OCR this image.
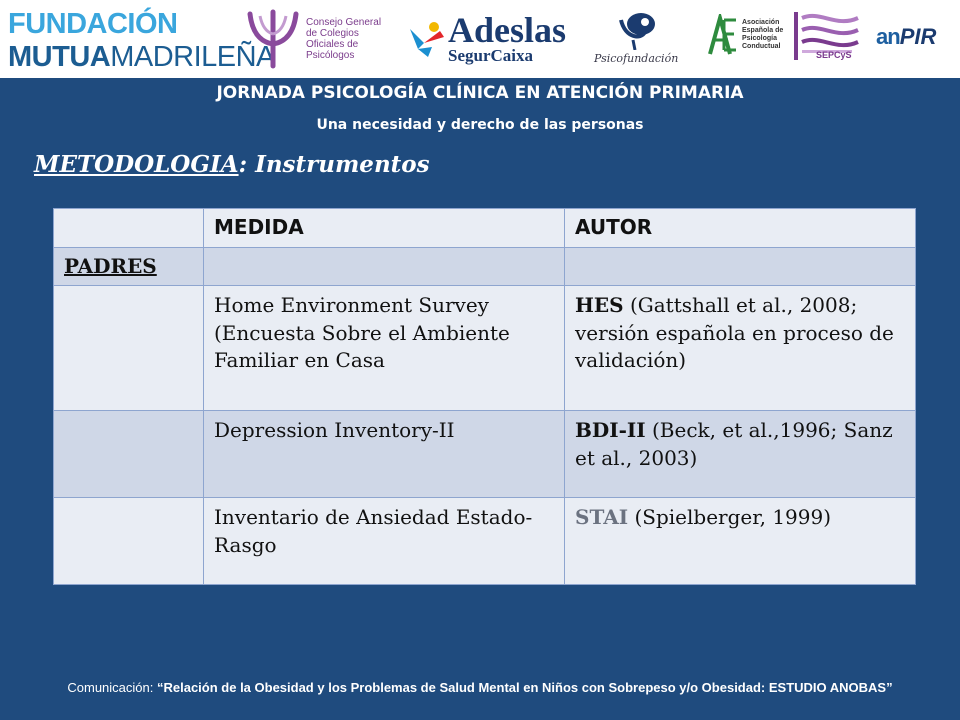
FUNDACIÓN
MUTUAMADRILEÑA
Consejo General de Colegios Oficiales de Psicólogos
Adeslas
SegurCaixa	Psicofundación
Asociación Española de Psicología Conductual
SEPCyS
an PIR
JORNADA PSICOLOGÍA CLÍNICA EN ATENCIÓN PRIMARIA
Una necesidad y derecho de las personas
METODOLOGIA: Instrumentos
	MEDIDA	AUTOR
PADRES		
	Home Environment Survey (Encuesta Sobre el Ambiente Familiar en Casa	HES (Gattshall et al., 2008; versión española en proceso de validación)
	Depression Inventory-II	BDI-II (Beck, et al.,1996; Sanz et al., 2003)
	Inventario de Ansiedad Estado-Rasgo	STAI (Spielberger, 1999)
Comunicación: “Relación de la Obesidad y los Problemas de Salud Mental en Niños con Sobrepeso y/o Obesidad: ESTUDIO ANOBAS”
